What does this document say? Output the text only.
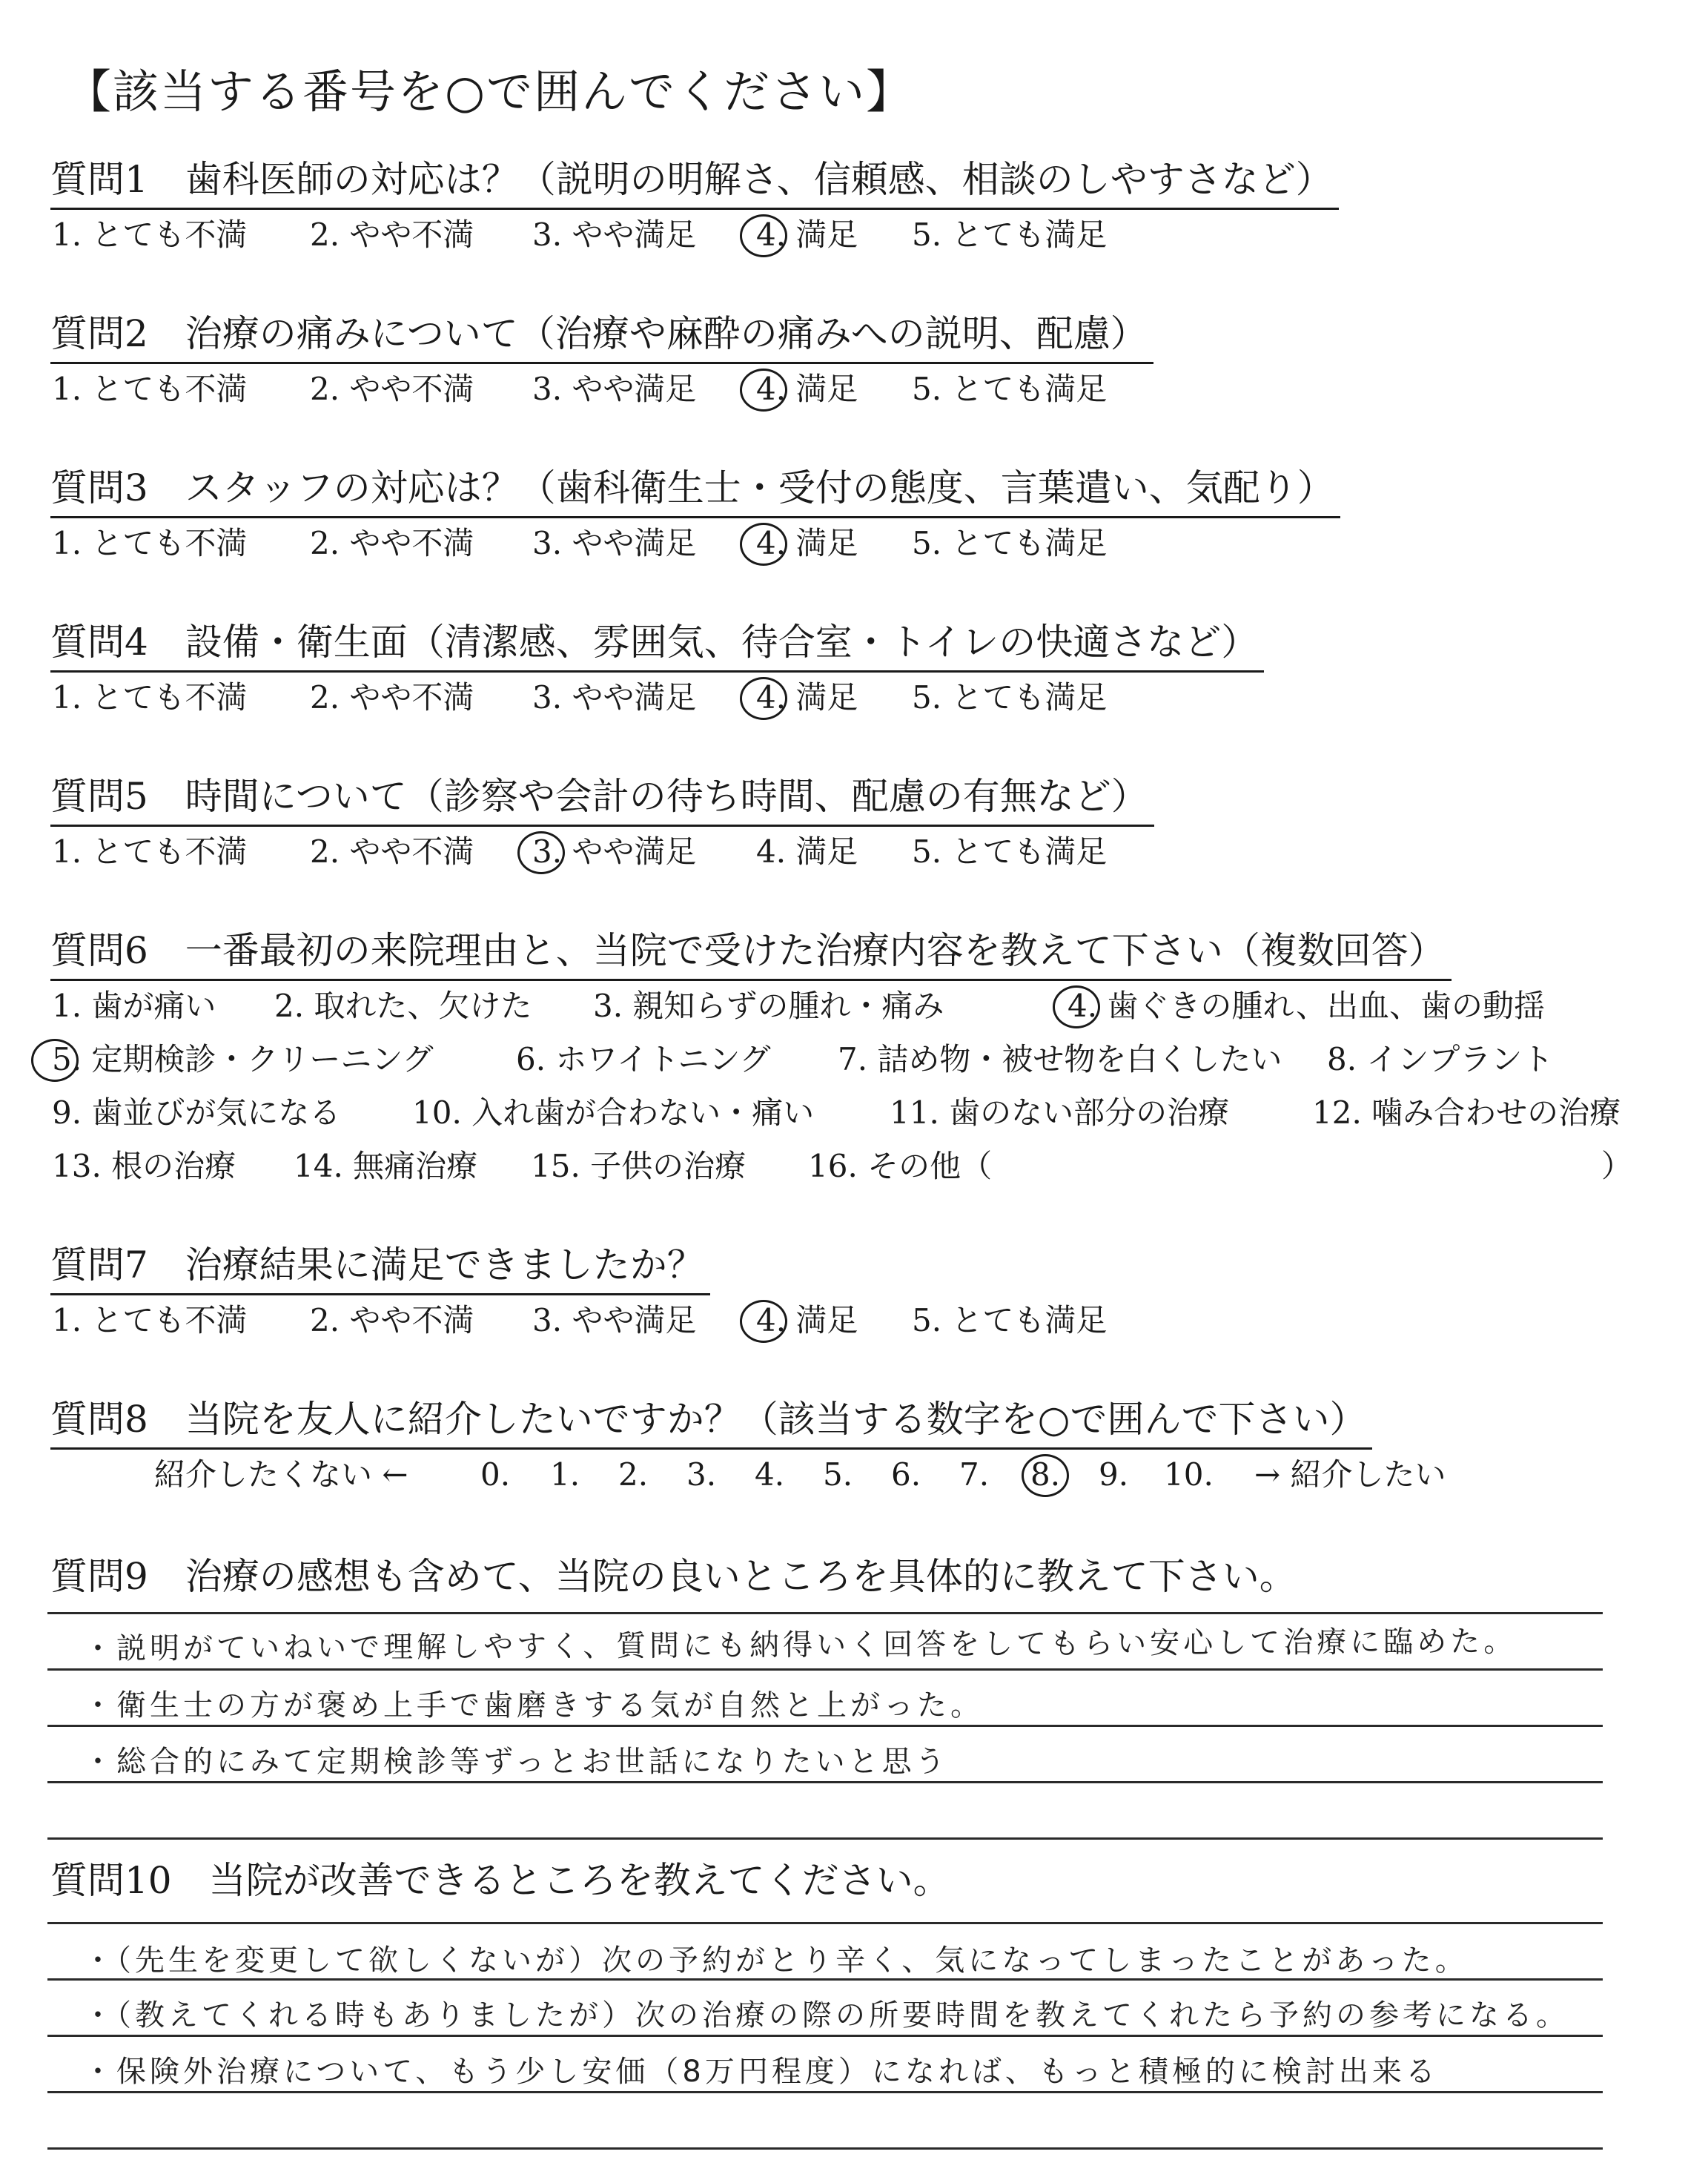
【該当する番号を○で囲んでください】
質問1　歯科医師の対応は？（説明の明解さ、信頼感、相談のしやすさなど）
1. とても不満 2. やや不満 3. やや満足 4. 満足 5. とても満足
質問2　治療の痛みについて（治療や麻酔の痛みへの説明、配慮）
1. とても不満 2. やや不満 3. やや満足 4. 満足 5. とても満足
質問3　スタッフの対応は？（歯科衛生士・受付の態度、言葉遣い、気配り）
1. とても不満 2. やや不満 3. やや満足 4. 満足 5. とても満足
質問4　設備・衛生面（清潔感、雰囲気、待合室・トイレの快適さなど）
1. とても不満 2. やや不満 3. やや満足 4. 満足 5. とても満足
質問5　時間について（診察や会計の待ち時間、配慮の有無など）
1. とても不満 2. やや不満 3. やや満足 4. 満足 5. とても満足
質問6　一番最初の来院理由と、当院で受けた治療内容を教えて下さい（複数回答）
1. 歯が痛い 2. 取れた、欠けた 3. 親知らずの腫れ・痛み	4. 歯ぐきの腫れ、出血、歯の動揺
5. 定期検診・クリーニング	6. ホワイトニング 7. 詰め物・被せ物を白くしたい 8. インプラント
9. 歯並びが気になる 10. 入れ歯が合わない・痛い 11. 歯のない部分の治療	12. 噛み合わせの治療
13. 根の治療 14. 無痛治療 15. 子供の治療 16. その他（	）
質問7　治療結果に満足できましたか？
1. とても不満 2. やや不満 3. やや満足 4. 満足 5. とても満足
質問8　当院を友人に紹介したいですか？（該当する数字を○で囲んで下さい）
紹介したくない ← 0. 1. 2. 3. 4. 5. 6. 7. 8. 9. 10. → 紹介したい
質問9　治療の感想も含めて、当院の良いところを具体的に教えて下さい。
・説明がていねいで理解しやすく、質問にも納得いく回答をしてもらい安心して治療に臨めた。
・衛生士の方が褒め上手で歯磨きする気が自然と上がった。
・総合的にみて定期検診等ずっとお世話になりたいと思う
質問10　当院が改善できるところを教えてください。
・（先生を変更して欲しくないが）次の予約がとり辛く、気になってしまったことがあった。
・（教えてくれる時もありましたが）次の治療の際の所要時間を教えてくれたら予約の参考になる。
・保険外治療について、もう少し安価（8万円程度）になれば、もっと積極的に検討出来る
